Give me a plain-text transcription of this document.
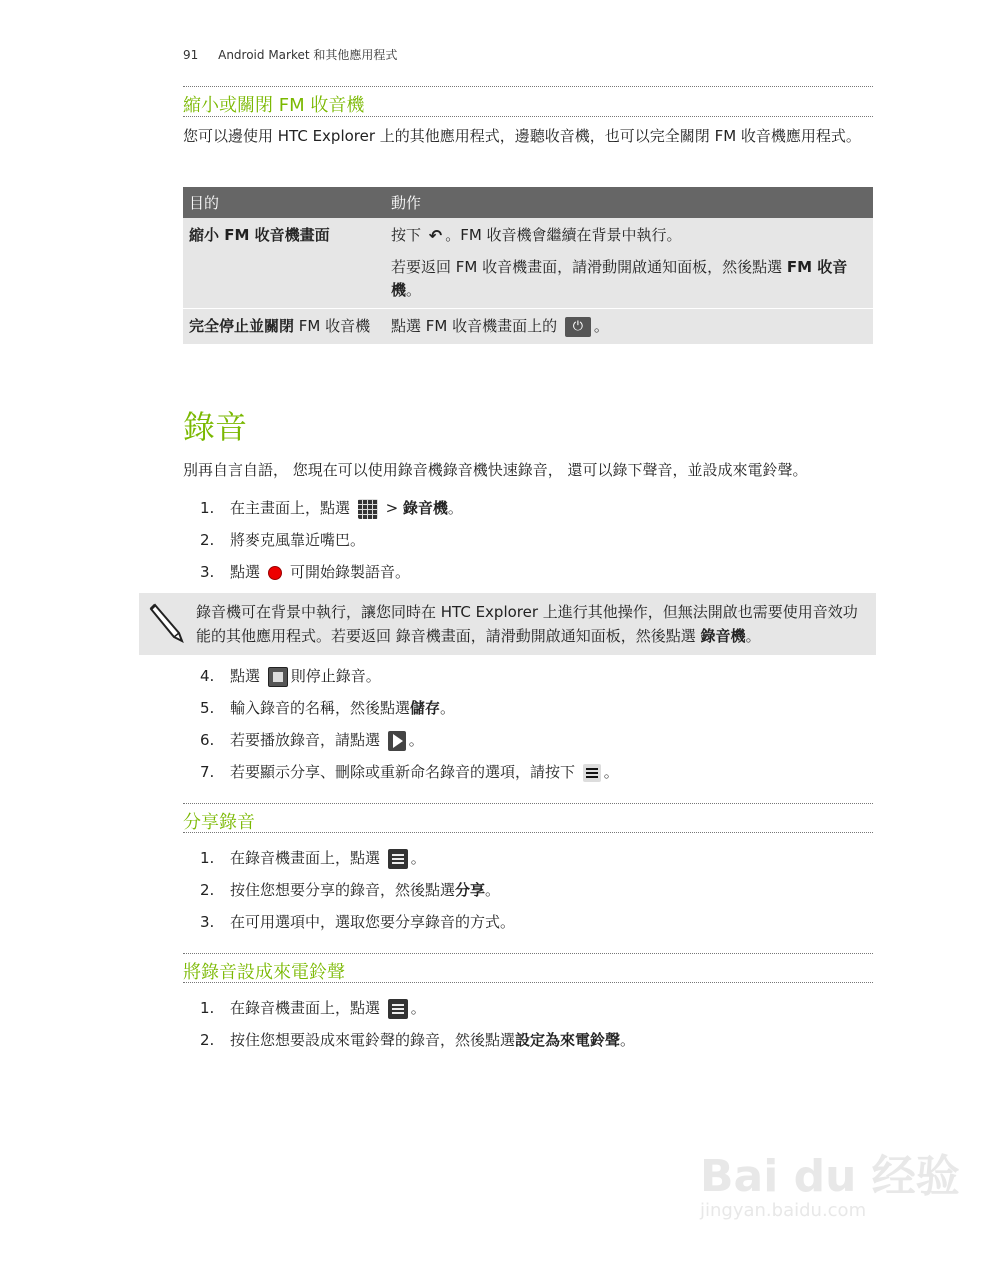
91 Android Market 和其他應用程式
縮小或關閉 FM 收音機
您可以邊使用 HTC Explorer 上的其他應用程式，邊聽收音機，也可以完全關閉 FM 收音機應用程式。
目的	動作
縮小 FM 收音機畫面	按下 ↶ 。FM 收音機會繼續在背景中執行。
若要返回 FM 收音機畫面，請滑動開啟通知面板，然後點選 FM 收音機。

完全停止並關閉 FM 收音機	點選 FM 收音機畫面上的 ⏻ 。
錄音
別再自言自語， 您現在可以使用錄音機錄音機快速錄音， 還可以錄下聲音，並設成來電鈴聲。
1. 在主畫面上，點選  > 錄音機。
2. 將麥克風靠近嘴巴。
3. 點選 可開始錄製語音。
錄音機可在背景中執行，讓您同時在 HTC Explorer 上進行其他操作，但無法開啟也需要使用音效功能的其他應用程式。若要返回 錄音機畫面，請滑動開啟通知面板，然後點選 錄音機。
4. 點選 則停止錄音。
5. 輸入錄音的名稱，然後點選儲存。
6. 若要播放錄音，請點選 。
7. 若要顯示分享、刪除或重新命名錄音的選項，請按下 。
分享錄音
1. 在錄音機畫面上，點選 。
2. 按住您想要分享的錄音，然後點選分享。
3. 在可用選項中，選取您要分享錄音的方式。
將錄音設成來電鈴聲
1. 在錄音機畫面上，點選 。
2. 按住您想要設成來電鈴聲的錄音，然後點選設定為來電鈴聲。
Bai du 经验
jingyan.baidu.com
